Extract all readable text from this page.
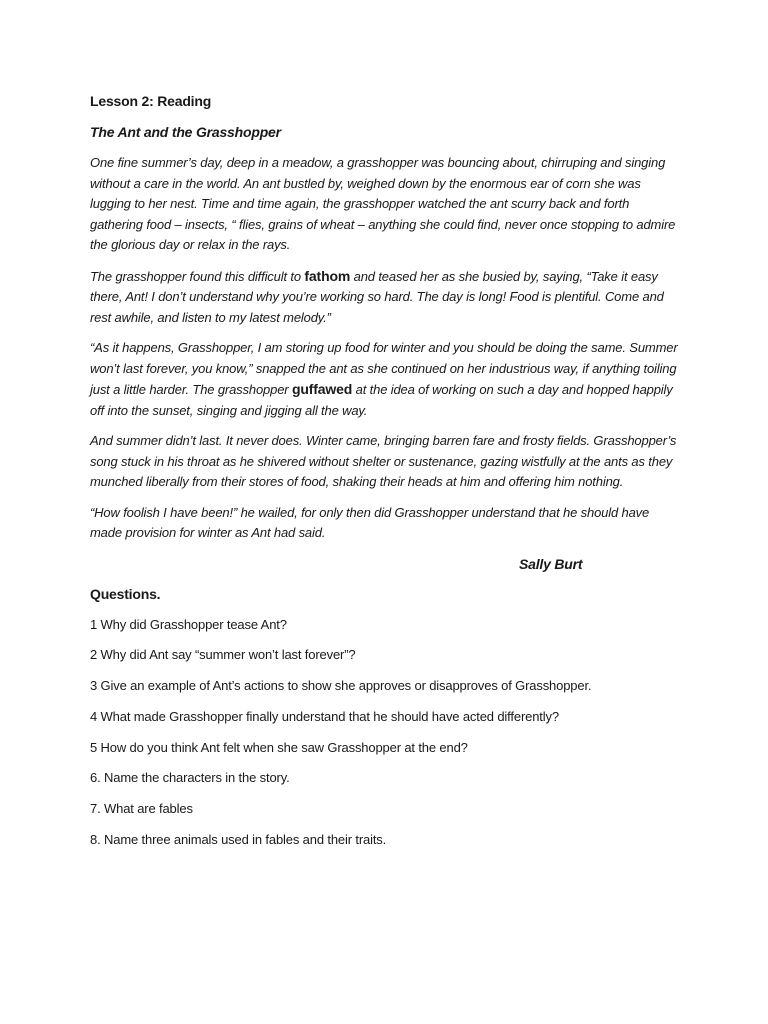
Lesson 2: Reading

The Ant and the Grasshopper

One fine summer’s day, deep in a meadow, a grasshopper was bouncing about, chirruping and singing without a care in the world. An ant bustled by, weighed down by the enormous ear of corn she was lugging to her nest. Time and time again, the grasshopper watched the ant scurry back and forth gathering food – insects, “ flies, grains of wheat – anything she could find, never once stopping to admire the glorious day or relax in the rays.

The grasshopper found this difficult to fathom and teased her as she busied by, saying, “Take it easy there, Ant! I don’t understand why you’re working so hard. The day is long! Food is plentiful. Come and rest awhile, and listen to my latest melody.”

“As it happens, Grasshopper, I am storing up food for winter and you should be doing the same. Summer won’t last forever, you know,” snapped the ant as she continued on her industrious way, if anything toiling just a little harder. The grasshopper guffawed at the idea of working on such a day and hopped happily off into the sunset, singing and jigging all the way.

And summer didn’t last. It never does. Winter came, bringing barren fare and frosty fields. Grasshopper’s song stuck in his throat as he shivered without shelter or sustenance, gazing wistfully at the ants as they munched liberally from their stores of food, shaking their heads at him and offering him nothing.

“How foolish I have been!” he wailed, for only then did Grasshopper understand that he should have made provision for winter as Ant had said.

Sally Burt

Questions.

1 Why did Grasshopper tease Ant?

2 Why did Ant say “summer won’t last forever”?

3 Give an example of Ant’s actions to show she approves or disapproves of Grasshopper.

4 What made Grasshopper finally understand that he should have acted differently?

5 How do you think Ant felt when she saw Grasshopper at the end?

6. Name the characters in the story.

7. What are fables

8. Name three animals used in fables and their traits.
